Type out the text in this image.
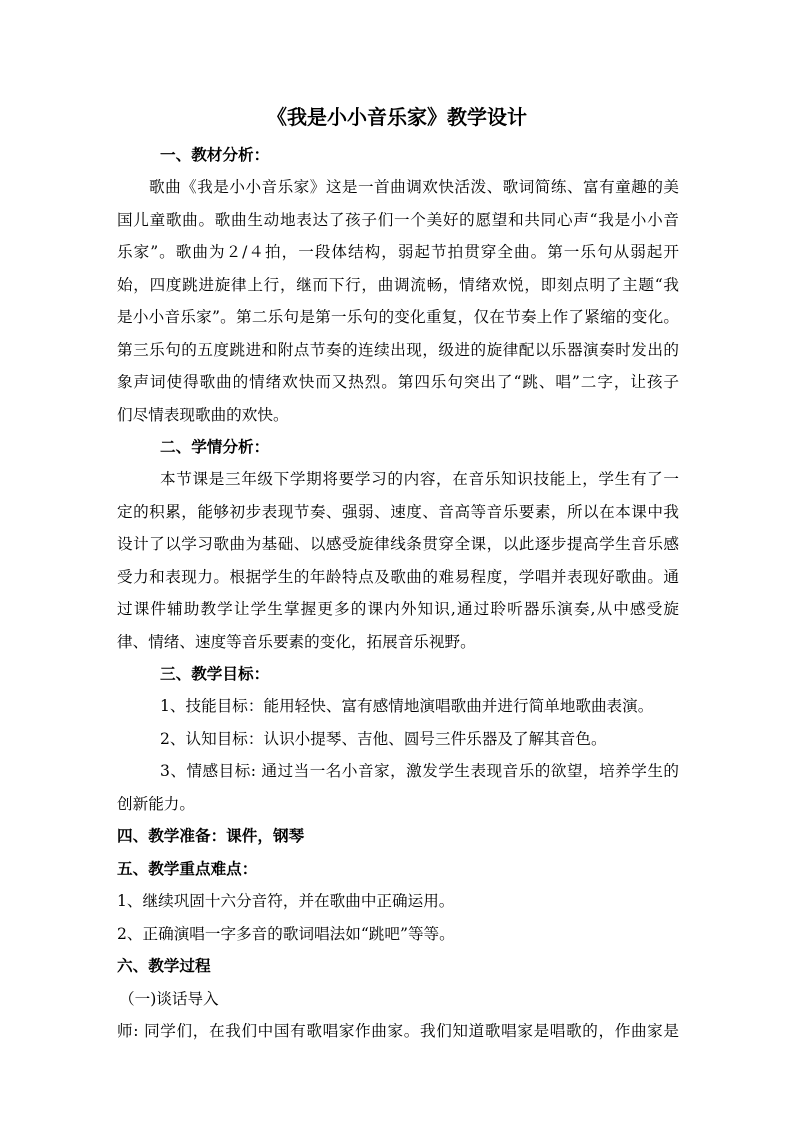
《我是小小音乐家》教学设计
一、教材分析：
歌曲《我是小小音乐家》这是一首曲调欢快活泼、歌词简练、富有童趣的美
国儿童歌曲。歌曲生动地表达了孩子们一个美好的愿望和共同心声“我是小小音
乐家”。歌曲为２/４拍，一段体结构，弱起节拍贯穿全曲。第一乐句从弱起开
始，四度跳进旋律上行，继而下行，曲调流畅，情绪欢悦，即刻点明了主题“我
是小小音乐家”。第二乐句是第一乐句的变化重复，仅在节奏上作了紧缩的变化。
第三乐句的五度跳进和附点节奏的连续出现，级进的旋律配以乐器演奏时发出的
象声词使得歌曲的情绪欢快而又热烈。第四乐句突出了“跳、唱”二字，让孩子
们尽情表现歌曲的欢快。
二、学情分析：
本节课是三年级下学期将要学习的内容，在音乐知识技能上，学生有了一
定的积累，能够初步表现节奏、强弱、速度、音高等音乐要素，所以在本课中我
设计了以学习歌曲为基础、以感受旋律线条贯穿全课，以此逐步提高学生音乐感
受力和表现力。根据学生的年龄特点及歌曲的难易程度，学唱并表现好歌曲。通
过课件辅助教学让学生掌握更多的课内外知识,通过聆听器乐演奏,从中感受旋
律、情绪、速度等音乐要素的变化，拓展音乐视野。
三、教学目标：
1、技能目标：能用轻快、富有感情地演唱歌曲并进行简单地歌曲表演。
2、认知目标：认识小提琴、吉他、圆号三件乐器及了解其音色。
3、情感目标: 通过当一名小音家，激发学生表现音乐的欲望，培养学生的
创新能力。
四、教学准备：课件，钢琴
五、教学重点难点：
1、继续巩固十六分音符，并在歌曲中正确运用。
2、正确演唱一字多音的歌词唱法如“跳吧”等等。
六、教学过程
（一)谈话导入
师: 同学们，在我们中国有歌唱家作曲家。我们知道歌唱家是唱歌的，作曲家是
